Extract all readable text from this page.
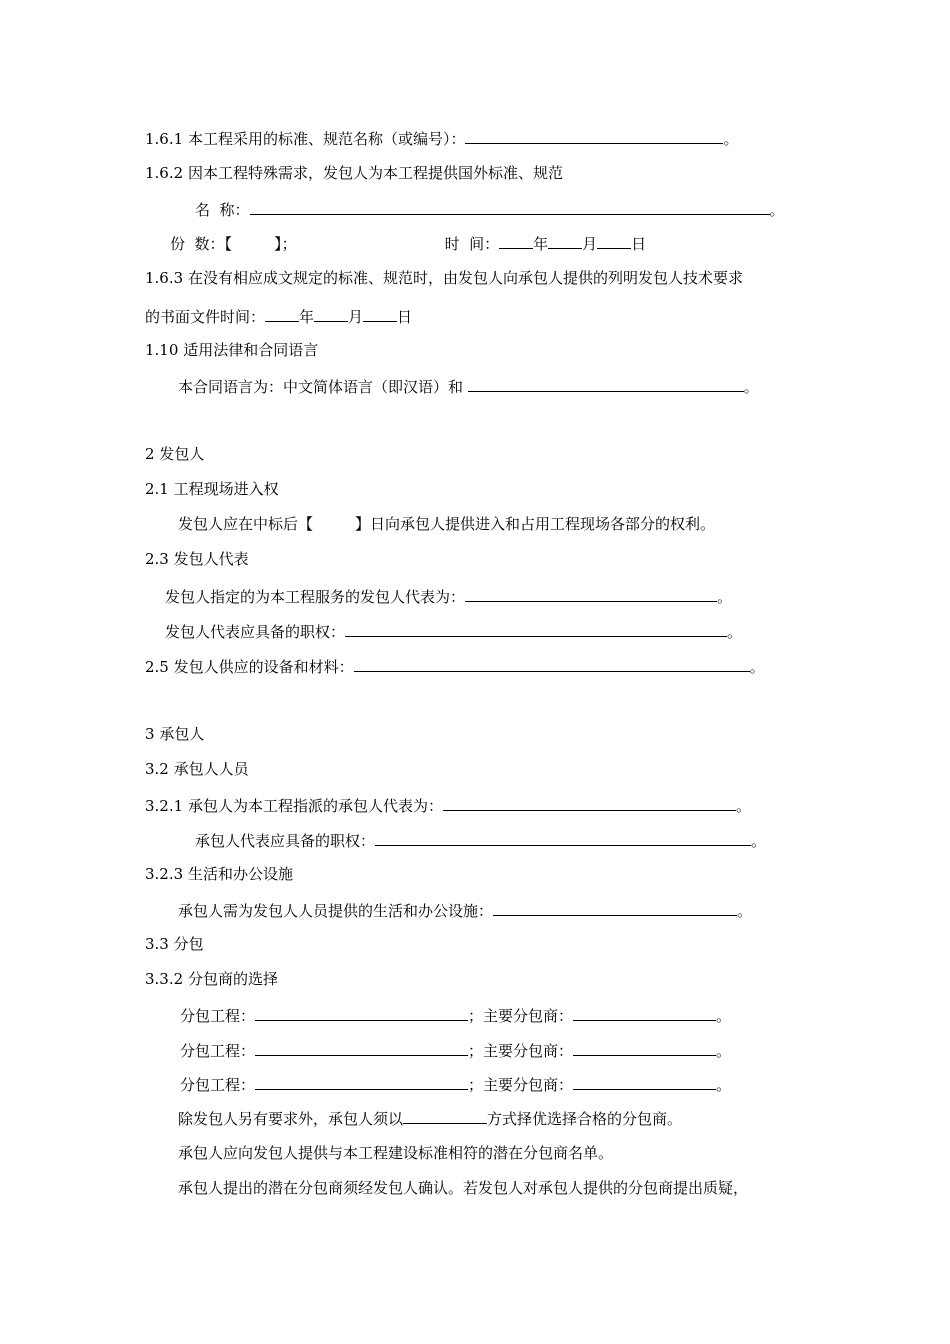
1.6.1 本工程采用的标准、规范名称（或编号）：	。
1.6.2 因本工程特殊需求，发包人为本工程提供国外标准、规范
名  称：	。
份  数：【	】；	时  间： 年 月 日
1.6.3 在没有相应成文规定的标准、规范时，由发包人向承包人提供的列明发包人技术要求
的书面文件时间： 年 月 日
1.10 适用法律和合同语言
本合同语言为：中文简体语言（即汉语）和	。
2 发包人
2.1 工程现场进入权
发包人应在中标后【	】日向承包人提供进入和占用工程现场各部分的权利。
2.3 发包人代表
发包人指定的为本工程服务的发包人代表为：	。
发包人代表应具备的职权：	。
2.5 发包人供应的设备和材料：	。
3 承包人
3.2 承包人人员
3.2.1 承包人为本工程指派的承包人代表为：	。
承包人代表应具备的职权：	。
3.2.3 生活和办公设施
承包人需为发包人人员提供的生活和办公设施：	。
3.3 分包
3.3.2 分包商的选择
分包工程：	；主要分包商：	。
分包工程：	；主要分包商：	。
分包工程：	；主要分包商：	。
除发包人另有要求外，承包人须以	方式择优选择合格的分包商。
承包人应向发包人提供与本工程建设标准相符的潜在分包商名单。
承包人提出的潜在分包商须经发包人确认。若发包人对承包人提供的分包商提出质疑，
